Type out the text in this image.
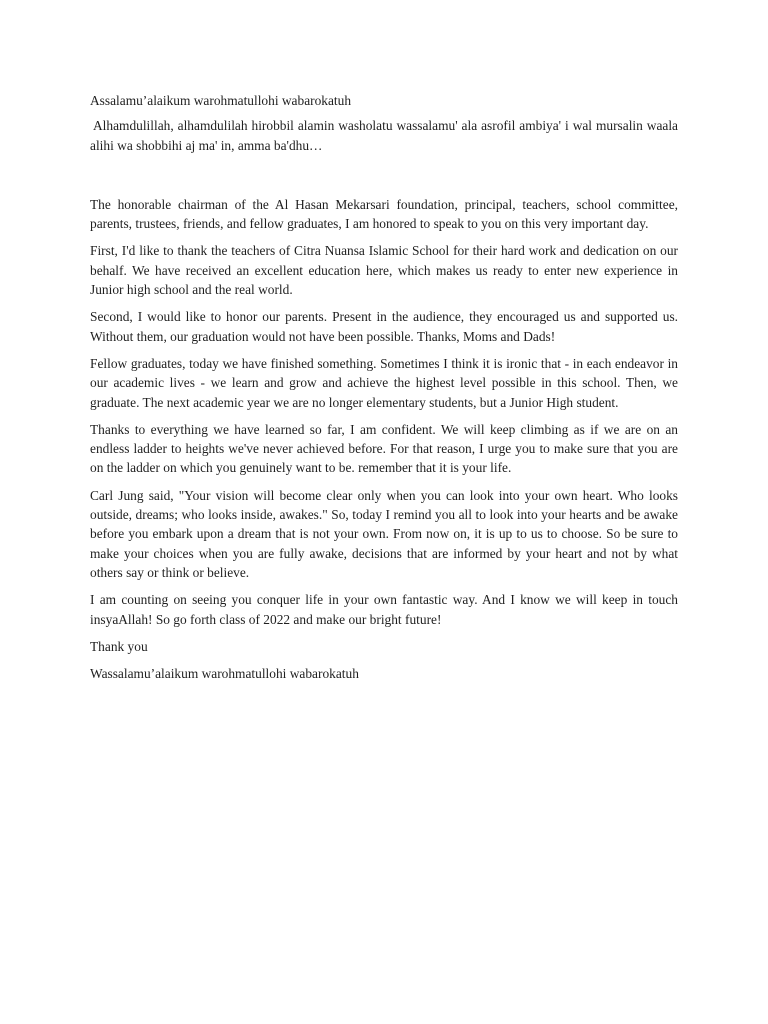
Assalamu’alaikum warohmatullohi wabarokatuh

Alhamdulillah, alhamdulilah hirobbil alamin washolatu wassalamu' ala asrofil ambiya' i wal mursalin waala alihi wa shobbihi aj ma' in, amma ba'dhu…

The honorable chairman of the Al Hasan Mekarsari foundation, principal, teachers, school committee, parents, trustees, friends, and fellow graduates, I am honored to speak to you on this very important day.

First, I'd like to thank the teachers of Citra Nuansa Islamic School for their hard work and dedication on our behalf. We have received an excellent education here, which makes us ready to enter new experience in Junior high school and the real world.

Second, I would like to honor our parents. Present in the audience, they encouraged us and supported us. Without them, our graduation would not have been possible. Thanks, Moms and Dads!

Fellow graduates, today we have finished something. Sometimes I think it is ironic that - in each endeavor in our academic lives - we learn and grow and achieve the highest level possible in this school. Then, we graduate. The next academic year we are no longer elementary students, but a Junior High student.

Thanks to everything we have learned so far, I am confident. We will keep climbing as if we are on an endless ladder to heights we've never achieved before. For that reason, I urge you to make sure that you are on the ladder on which you genuinely want to be. remember that it is your life.

Carl Jung said, "Your vision will become clear only when you can look into your own heart. Who looks outside, dreams; who looks inside, awakes." So, today I remind you all to look into your hearts and be awake before you embark upon a dream that is not your own. From now on, it is up to us to choose. So be sure to make your choices when you are fully awake, decisions that are informed by your heart and not by what others say or think or believe.

I am counting on seeing you conquer life in your own fantastic way. And I know we will keep in touch insyaAllah! So go forth class of 2022 and make our bright future!

Thank you

Wassalamu’alaikum warohmatullohi wabarokatuh
